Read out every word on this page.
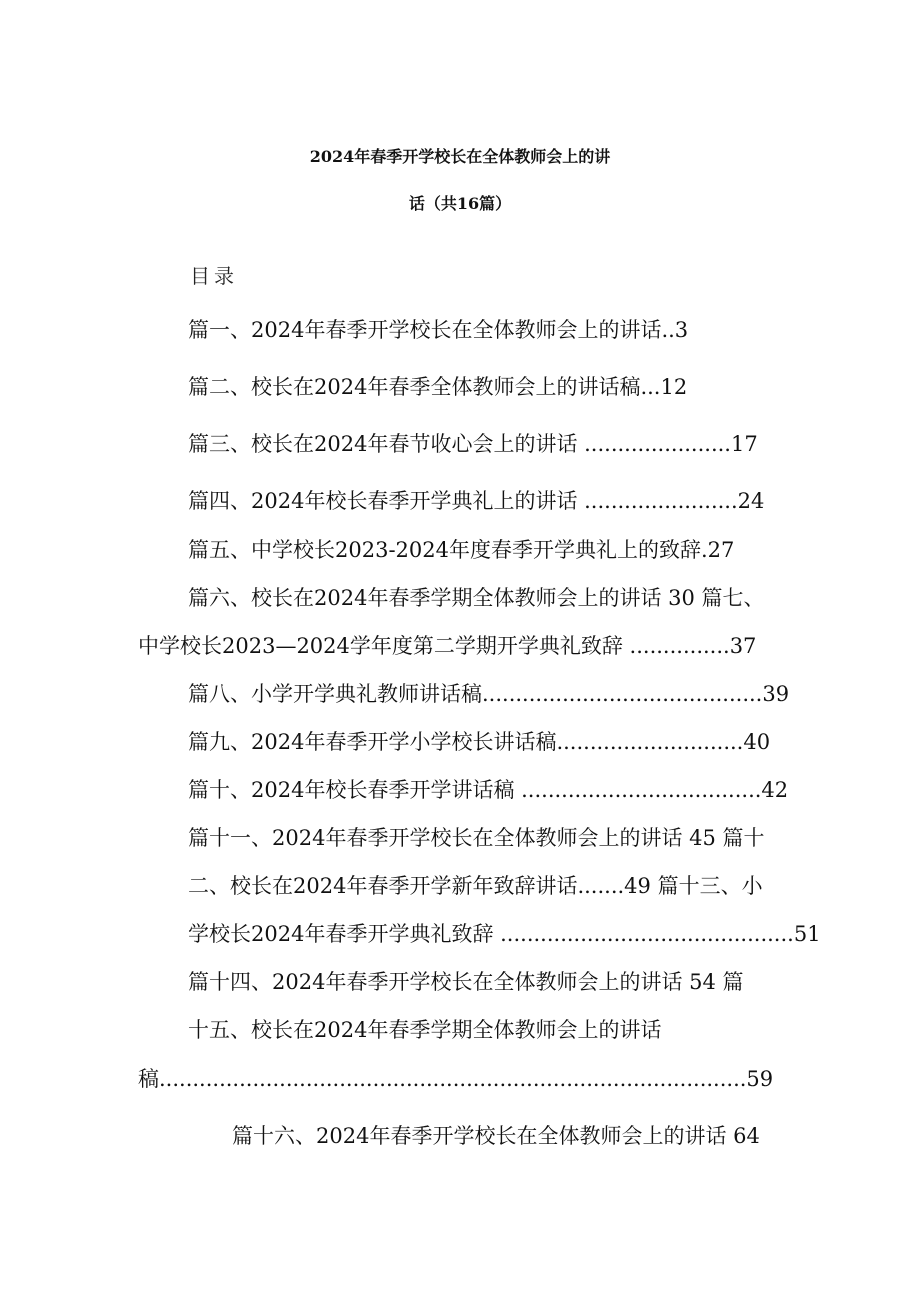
2024年春季开学校长在全体教师会上的讲
话（共16篇）
目录
篇一、2024年春季开学校长在全体教师会上的讲话..3
篇二、校长在2024年春季全体教师会上的讲话稿...12
篇三、校长在2024年春节收心会上的讲话 ......................17
篇四、2024年校长春季开学典礼上的讲话 .......................24
篇五、中学校长2023-2024年度春季开学典礼上的致辞.27
篇六、校长在2024年春季学期全体教师会上的讲话 30 篇七、
中学校长2023—2024学年度第二学期开学典礼致辞 ...............37
篇八、小学开学典礼教师讲话稿..........................................39
篇九、2024年春季开学小学校长讲话稿............................40
篇十、2024年校长春季开学讲话稿 ....................................42
篇十一、2024年春季开学校长在全体教师会上的讲话 45 篇十
二、校长在2024年春季开学新年致辞讲话.......49 篇十三、小
学校长2024年春季开学典礼致辞 ............................................51
篇十四、2024年春季开学校长在全体教师会上的讲话 54 篇
十五、校长在2024年春季学期全体教师会上的讲话
稿........................................................................................59
篇十六、2024年春季开学校长在全体教师会上的讲话 64
